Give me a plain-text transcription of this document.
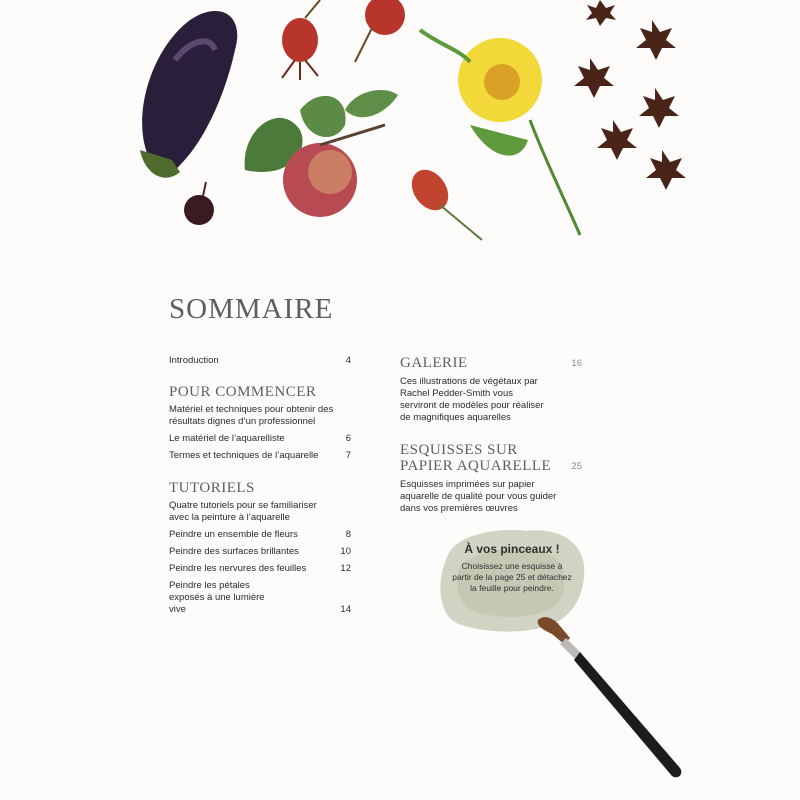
SOMMAIRE
Introduction	4
POUR COMMENCER
Matériel et techniques pour obtenir des résultats dignes d’un professionnel
Le matériel de l’aquarelliste	6
Termes et techniques de l’aquarelle	7
TUTORIELS
Quatre tutoriels pour se familiariser avec la peinture à l’aquarelle
Peindre un ensemble de fleurs	8
Peindre des surfaces brillantes	10
Peindre les nervures des feuilles	12
Peindre les pétales exposés à une lumière vive	14
GALERIE	16
Ces illustrations de végétaux par Rachel Pedder-Smith vous serviront de modèles pour réaliser de magnifiques aquarelles
ESQUISSES SUR PAPIER AQUARELLE	25
Esquisses imprimées sur papier aquarelle de qualité pour vous guider dans vos premières œuvres
À vos pinceaux !
Choisissez une esquisse à partir de la page 25 et détachez la feuille pour peindre.
